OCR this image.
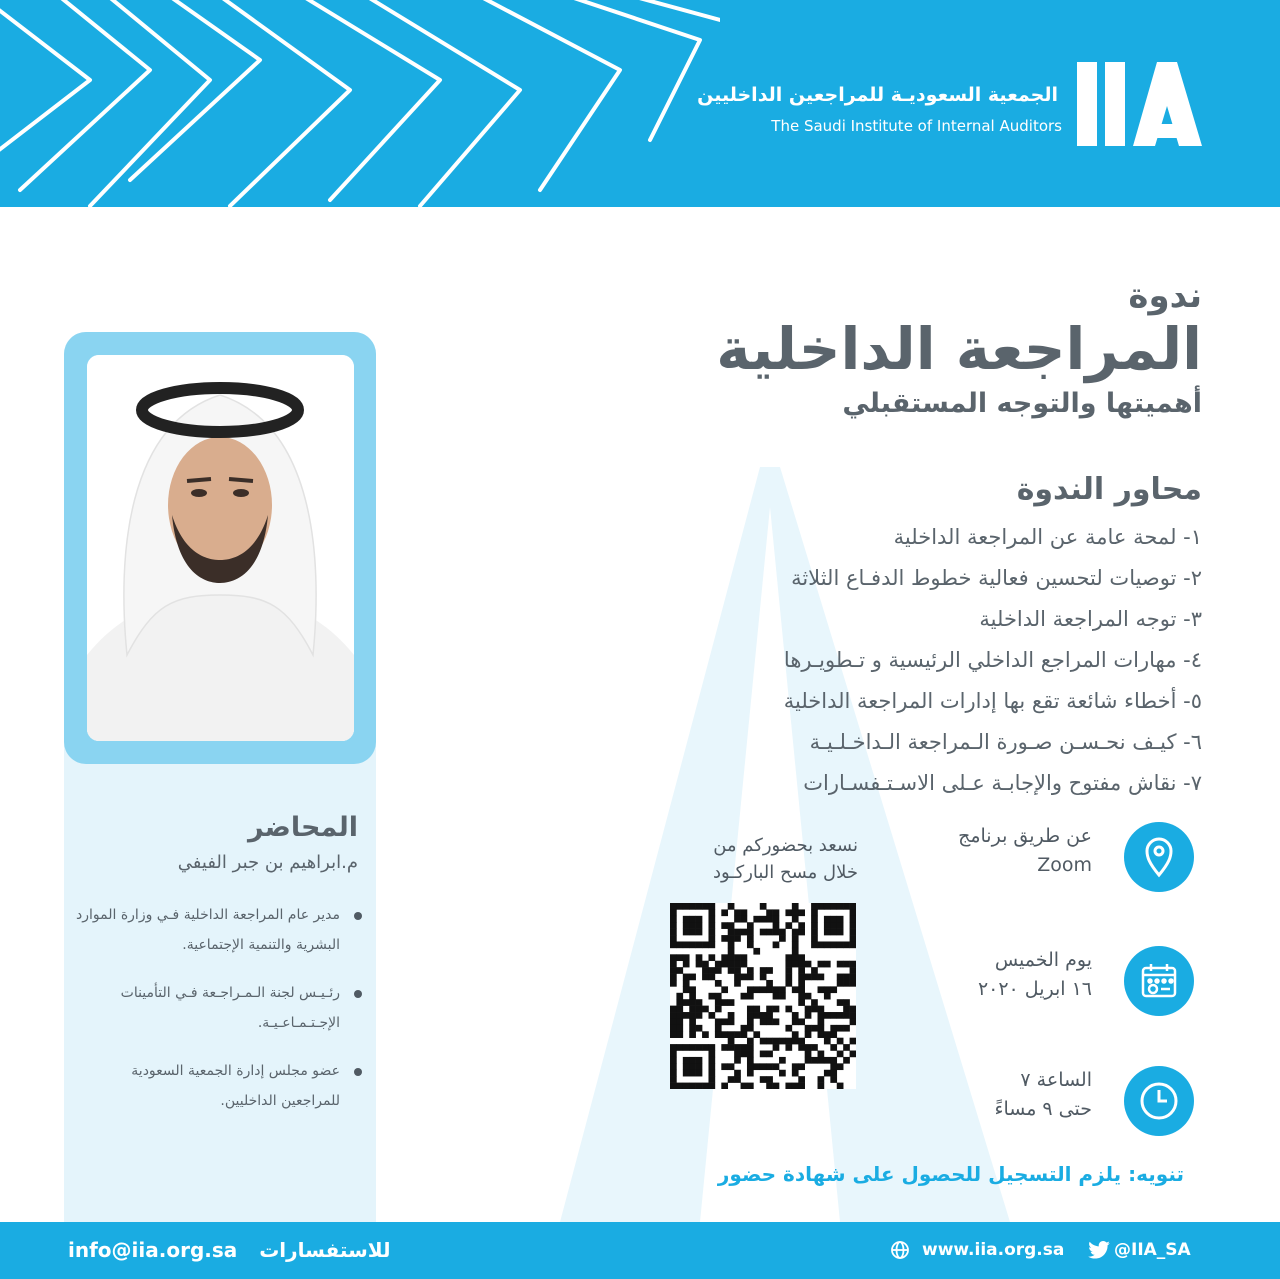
الجمعية السعوديـة للمراجعين الداخليين
The Saudi Institute of Internal Auditors
ندوة
المراجعة الداخلية
أهميتها والتوجه المستقبلي
محاور الندوة
١- لمحة عامة عن المراجعة الداخلية
٢- توصيات لتحسين فعالية خطوط الدفـاع الثلاثة
٣- توجه المراجعة الداخلية
٤- مهارات المراجع الداخلي الرئيسية و تـطويـرها
٥- أخطاء شائعة تقع بها إدارات المراجعة الداخلية
٦- كيـف نحـسـن صـورة الـمراجعة الـداخـلـيـة
٧- نقاش مفتوح والإجابـة عـلى الاسـتـفسـارات
عن طريق برنامج
Zoom
يوم الخميس
١٦ ابريل ٢٠٢٠
الساعة ٧
حتى ٩ مساءً
نسعد بحضوركم من
خلال مسح الباركـود
تنويه: يلزم التسجيل للحصول على شهادة حضور
المحاضر
م.ابراهيم بن جبر الفيفي
مدير عام المراجعة الداخلية فـي وزارة الموارد البشرية والتنمية الإجتماعية.
رئـيـس لجنة الـمـراجـعة فـي التأمينات الإجـتـمـاعـيـة.
عضو مجلس إدارة الجمعية السعودية للمراجعين الداخليين.
للاستفسارات  info@iia.org.sa	www.iia.org.sa	@IIA_SA
